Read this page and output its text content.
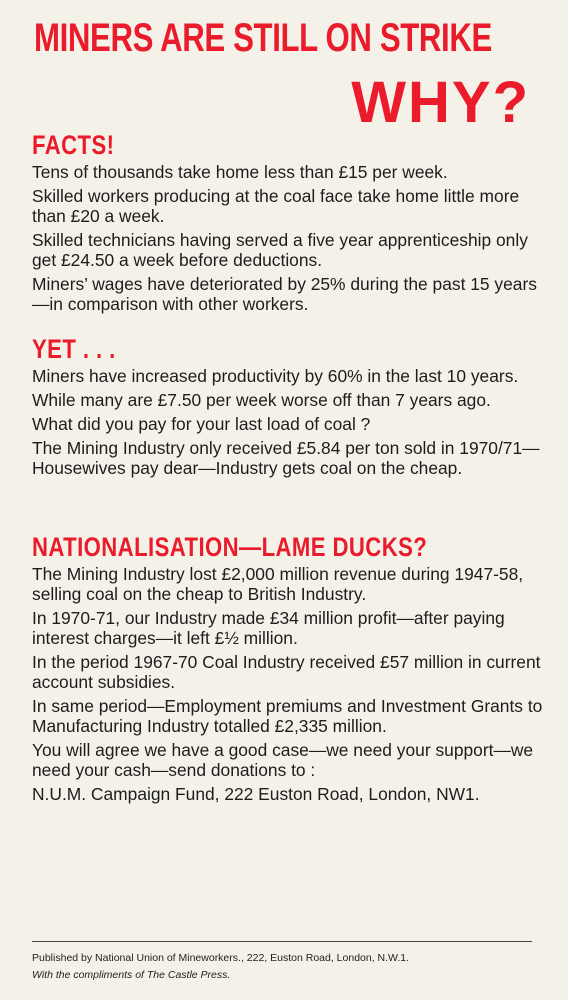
MINERS ARE STILL ON STRIKE
WHY?
FACTS!

Tens of thousands take home less than £15 per week.

Skilled workers producing at the coal face take home little more than £20 a week.

Skilled technicians having served a five year apprenticeship only get £24.50 a week before deductions.

Miners’ wages have deteriorated by 25% during the past 15 years—in comparison with other workers.

YET . . .

Miners have increased productivity by 60% in the last 10 years.

While many are £7.50 per week worse off than 7 years ago.

What did you pay for your last load of coal ?

The Mining Industry only received £5.84 per ton sold in 1970/71—Housewives pay dear—Industry gets coal on the cheap.

NATIONALISATION—LAME DUCKS?

The Mining Industry lost £2,000 million revenue during 1947-58, selling coal on the cheap to British Industry.

In 1970-71, our Industry made £34 million profit—after paying interest charges—it left £½ million.

In the period 1967-70 Coal Industry received £57 million in current account subsidies.

In same period—Employment premiums and Investment Grants to Manufacturing Industry totalled £2,335 million.

You will agree we have a good case—we need your support—we need your cash—send donations to :

N.U.M. Campaign Fund, 222 Euston Road, London, NW1.

Published by National Union of Mineworkers., 222, Euston Road, London, N.W.1.
With the compliments of The Castle Press.
